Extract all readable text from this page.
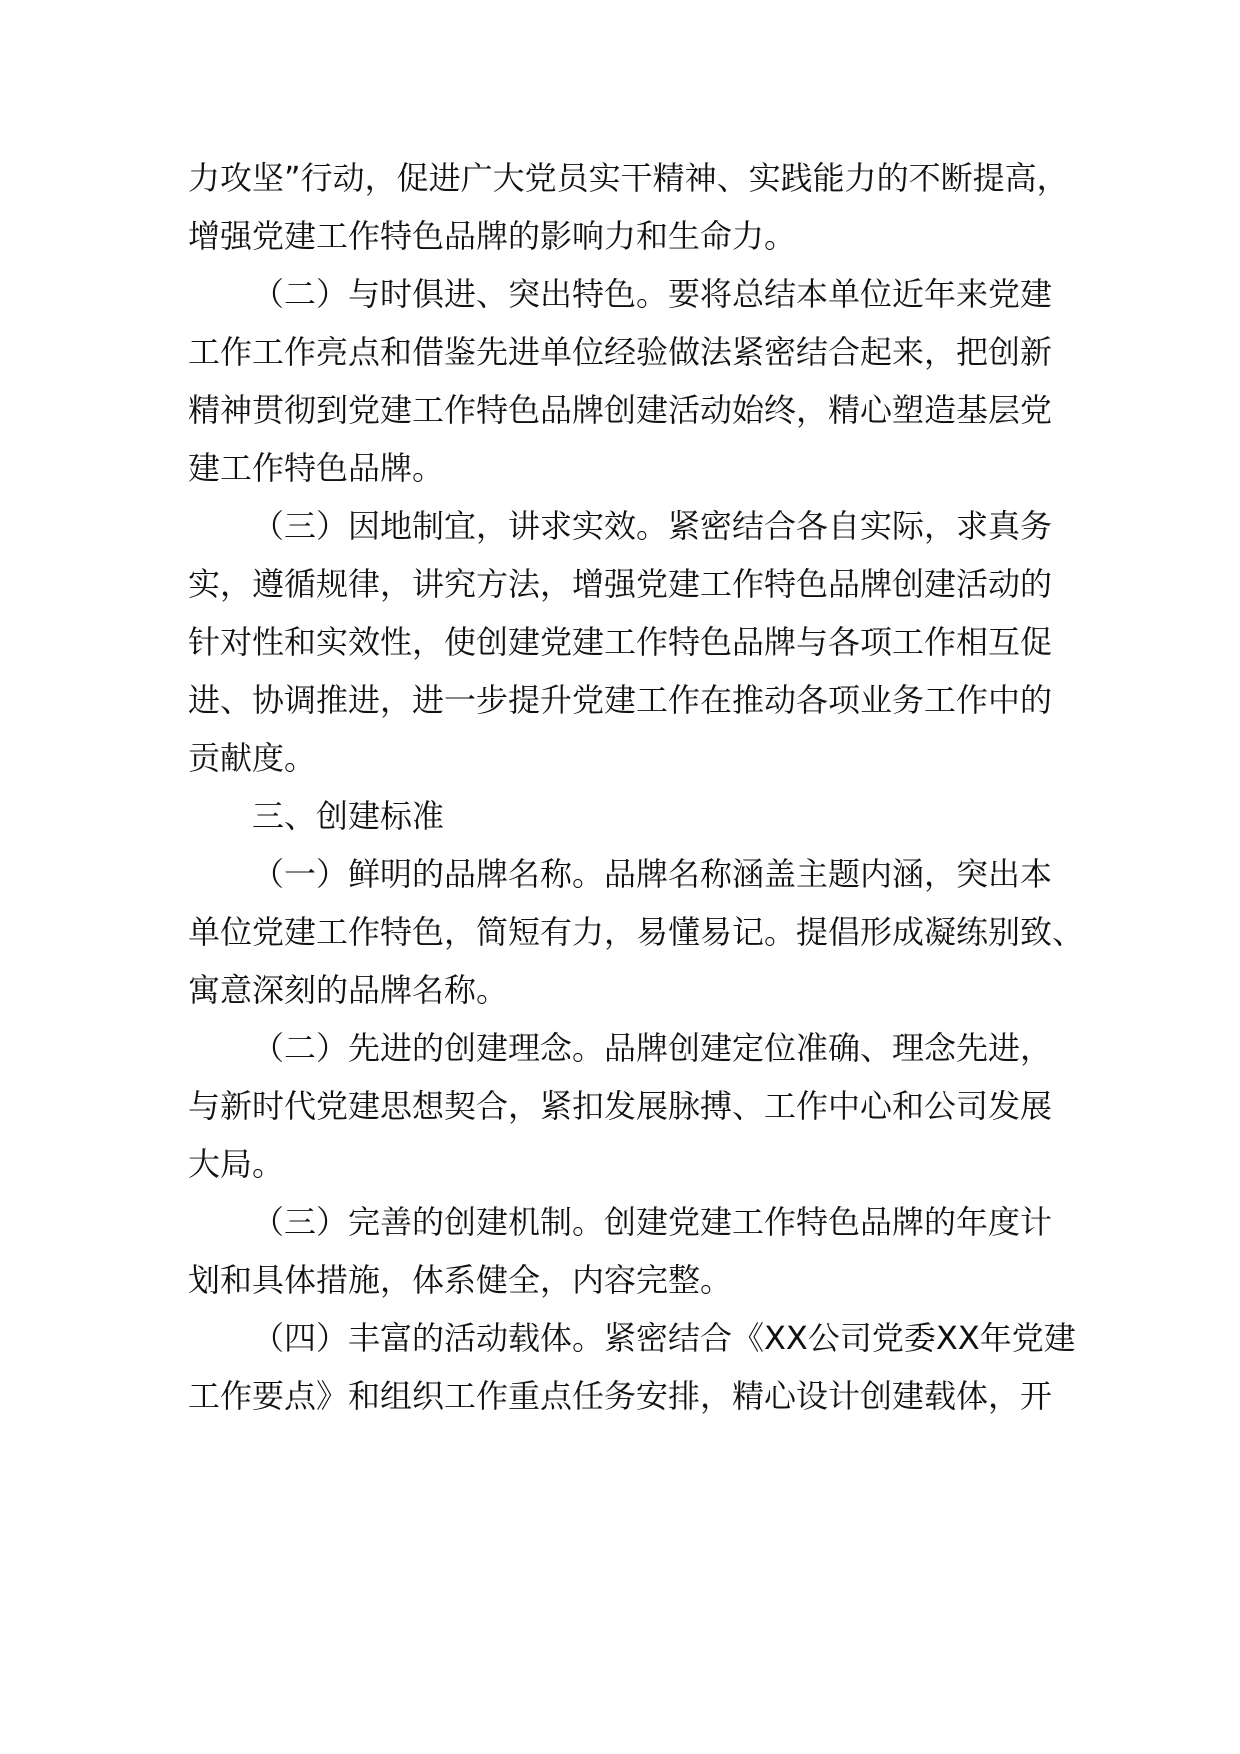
力攻坚”行动，促进广大党员实干精神、实践能力的不断提高，

增强党建工作特色品牌的影响力和生命力。

（二）与时俱进、突出特色。要将总结本单位近年来党建

工作工作亮点和借鉴先进单位经验做法紧密结合起来，把创新

精神贯彻到党建工作特色品牌创建活动始终，精心塑造基层党

建工作特色品牌。

（三）因地制宜，讲求实效。紧密结合各自实际，求真务

实，遵循规律，讲究方法，增强党建工作特色品牌创建活动的

针对性和实效性，使创建党建工作特色品牌与各项工作相互促

进、协调推进，进一步提升党建工作在推动各项业务工作中的

贡献度。

三、创建标准

（一）鲜明的品牌名称。品牌名称涵盖主题内涵，突出本

单位党建工作特色，简短有力，易懂易记。提倡形成凝练别致、

寓意深刻的品牌名称。

（二）先进的创建理念。品牌创建定位准确、理念先进，

与新时代党建思想契合，紧扣发展脉搏、工作中心和公司发展

大局。

（三）完善的创建机制。创建党建工作特色品牌的年度计

划和具体措施，体系健全，内容完整。

（四）丰富的活动载体。紧密结合《XX公司党委XX年党建

工作要点》和组织工作重点任务安排，精心设计创建载体，开
